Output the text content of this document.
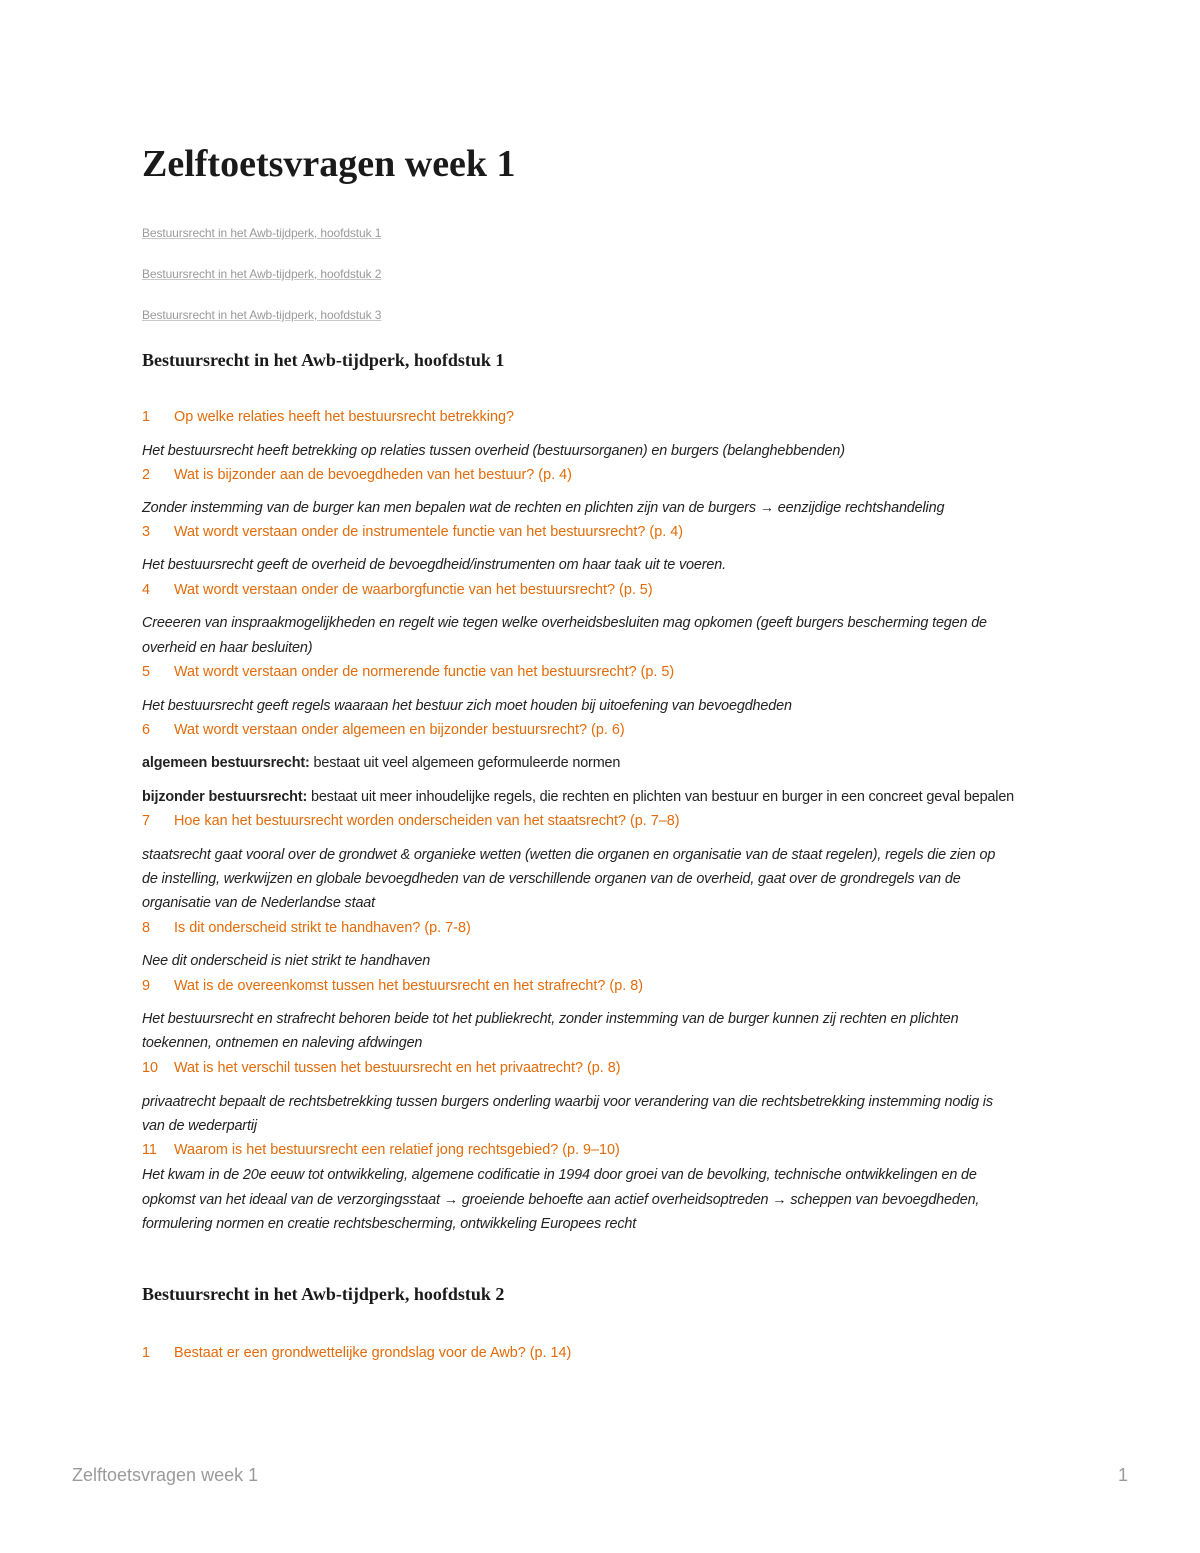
Zelftoetsvragen week 1
Bestuursrecht in het Awb-tijdperk, hoofdstuk 1
Bestuursrecht in het Awb-tijdperk, hoofdstuk 2
Bestuursrecht in het Awb-tijdperk, hoofdstuk 3
Bestuursrecht in het Awb-tijdperk, hoofdstuk 1
1 Op welke relaties heeft het bestuursrecht betrekking?
Het bestuursrecht heeft betrekking op relaties tussen overheid (bestuursorganen) en burgers (belanghebbenden)
2 Wat is bijzonder aan de bevoegdheden van het bestuur? (p. 4)
Zonder instemming van de burger kan men bepalen wat de rechten en plichten zijn van de burgers → eenzijdige rechtshandeling
3 Wat wordt verstaan onder de instrumentele functie van het bestuursrecht? (p. 4)
Het bestuursrecht geeft de overheid de bevoegdheid/instrumenten om haar taak uit te voeren.
4 Wat wordt verstaan onder de waarborgfunctie van het bestuursrecht? (p. 5)
Creeeren van inspraakmogelijkheden en regelt wie tegen welke overheidsbesluiten mag opkomen (geeft burgers bescherming tegen de
overheid en haar besluiten)
5 Wat wordt verstaan onder de normerende functie van het bestuursrecht? (p. 5)
Het bestuursrecht geeft regels waaraan het bestuur zich moet houden bij uitoefening van bevoegdheden
6 Wat wordt verstaan onder algemeen en bijzonder bestuursrecht? (p. 6)
algemeen bestuursrecht: bestaat uit veel algemeen geformuleerde normen
bijzonder bestuursrecht: bestaat uit meer inhoudelijke regels, die rechten en plichten van bestuur en burger in een concreet geval bepalen
7 Hoe kan het bestuursrecht worden onderscheiden van het staatsrecht? (p. 7–8)
staatsrecht gaat vooral over de grondwet & organieke wetten (wetten die organen en organisatie van de staat regelen), regels die zien op
de instelling, werkwijzen en globale bevoegdheden van de verschillende organen van de overheid, gaat over de grondregels van de
organisatie van de Nederlandse staat
8 Is dit onderscheid strikt te handhaven? (p. 7-8)
Nee dit onderscheid is niet strikt te handhaven
9 Wat is de overeenkomst tussen het bestuursrecht en het strafrecht? (p. 8)
Het bestuursrecht en strafrecht behoren beide tot het publiekrecht, zonder instemming van de burger kunnen zij rechten en plichten
toekennen, ontnemen en naleving afdwingen
10 Wat is het verschil tussen het bestuursrecht en het privaatrecht? (p. 8)
privaatrecht bepaalt de rechtsbetrekking tussen burgers onderling waarbij voor verandering van die rechtsbetrekking instemming nodig is
van de wederpartij
11 Waarom is het bestuursrecht een relatief jong rechtsgebied? (p. 9–10)
Het kwam in de 20e eeuw tot ontwikkeling, algemene codificatie in 1994 door groei van de bevolking, technische ontwikkelingen en de
opkomst van het ideaal van de verzorgingsstaat → groeiende behoefte aan actief overheidsoptreden → scheppen van bevoegdheden,
formulering normen en creatie rechtsbescherming, ontwikkeling Europees recht
Bestuursrecht in het Awb-tijdperk, hoofdstuk 2
1 Bestaat er een grondwettelijke grondslag voor de Awb? (p. 14)
Zelftoetsvragen week 1	1
